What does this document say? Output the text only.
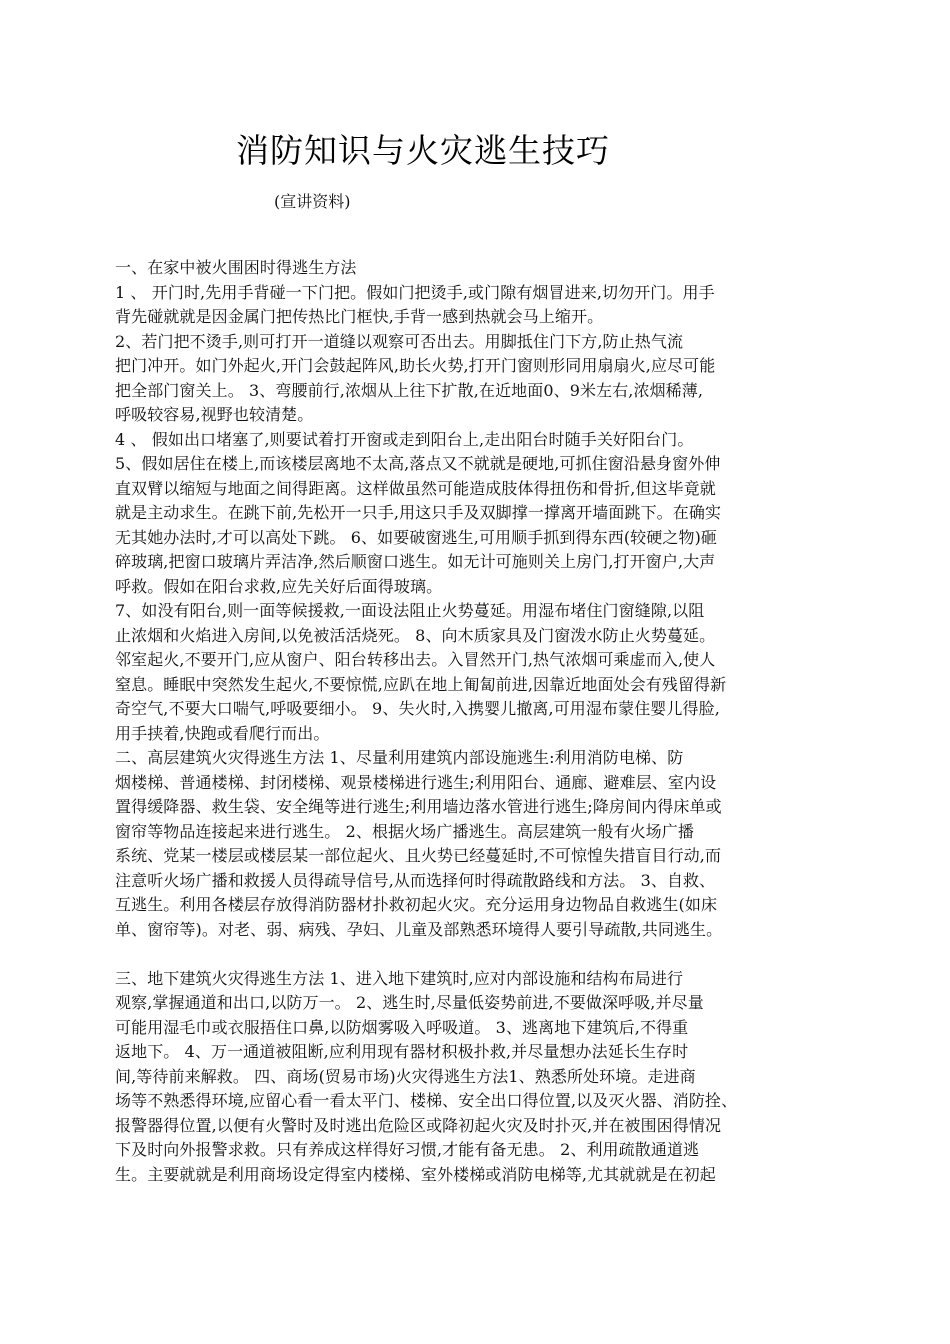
消防知识与火灾逃生技巧
(宣讲资料)
一、在家中被火围困时得逃生方法
1 、 开门时,先用手背碰一下门把。假如门把烫手,或门隙有烟冒进来,切勿开门。用手
背先碰就就是因金属门把传热比门框快,手背一感到热就会马上缩开。
2、若门把不烫手,则可打开一道缝以观察可否出去。用脚抵住门下方,防止热气流
把门冲开。如门外起火,开门会鼓起阵风,助长火势,打开门窗则形同用扇扇火,应尽可能
把全部门窗关上。 3、弯腰前行,浓烟从上往下扩散,在近地面0、9米左右,浓烟稀薄,
呼吸较容易,视野也较清楚。
4 、 假如出口堵塞了,则要试着打开窗或走到阳台上,走出阳台时随手关好阳台门。
5、假如居住在楼上,而该楼层离地不太高,落点又不就就是硬地,可抓住窗沿悬身窗外伸
直双臂以缩短与地面之间得距离。这样做虽然可能造成肢体得扭伤和骨折,但这毕竟就
就是主动求生。在跳下前,先松开一只手,用这只手及双脚撑一撑离开墙面跳下。在确实
无其她办法时,才可以高处下跳。 6、如要破窗逃生,可用顺手抓到得东西(较硬之物)砸
碎玻璃,把窗口玻璃片弄洁净,然后顺窗口逃生。如无计可施则关上房门,打开窗户,大声
呼救。假如在阳台求救,应先关好后面得玻璃。
7、如没有阳台,则一面等候援救,一面设法阻止火势蔓延。用湿布堵住门窗缝隙,以阻
止浓烟和火焰进入房间,以免被活活烧死。 8、向木质家具及门窗泼水防止火势蔓延。
邻室起火,不要开门,应从窗户、阳台转移出去。入冒然开门,热气浓烟可乘虚而入,使人
窒息。睡眠中突然发生起火,不要惊慌,应趴在地上匍匐前进,因靠近地面处会有残留得新
奇空气,不要大口喘气,呼吸要细小。 9、失火时,入携婴儿撤离,可用湿布蒙住婴儿得脸,
用手挟着,快跑或看爬行而出。
二、高层建筑火灾得逃生方法 1、尽量利用建筑内部设施逃生:利用消防电梯、防
烟楼梯、普通楼梯、封闭楼梯、观景楼梯进行逃生;利用阳台、通廊、避难层、室内设
置得缓降器、救生袋、安全绳等进行逃生;利用墙边落水管进行逃生;降房间内得床单或
窗帘等物品连接起来进行逃生。 2、根据火场广播逃生。高层建筑一般有火场广播
系统、党某一楼层或楼层某一部位起火、且火势已经蔓延时,不可惊惶失措盲目行动,而
注意听火场广播和救援人员得疏导信号,从而选择何时得疏散路线和方法。 3、自救、
互逃生。利用各楼层存放得消防器材扑救初起火灾。充分运用身边物品自救逃生(如床
单、窗帘等)。对老、弱、病残、孕妇、儿童及部熟悉环境得人要引导疏散,共同逃生。
三、地下建筑火灾得逃生方法 1、进入地下建筑时,应对内部设施和结构布局进行
观察,掌握通道和出口,以防万一。 2、逃生时,尽量低姿势前进,不要做深呼吸,并尽量
可能用湿毛巾或衣服捂住口鼻,以防烟雾吸入呼吸道。 3、逃离地下建筑后,不得重
返地下。 4、万一通道被阻断,应利用现有器材积极扑救,并尽量想办法延长生存时
间,等待前来解救。 四、商场(贸易市场)火灾得逃生方法1、熟悉所处环境。走进商
场等不熟悉得环境,应留心看一看太平门、楼梯、安全出口得位置,以及灭火器、消防拴、
报警器得位置,以便有火警时及时逃出危险区或降初起火灾及时扑灭,并在被围困得情况
下及时向外报警求救。只有养成这样得好习惯,才能有备无患。 2、利用疏散通道逃
生。主要就就是利用商场设定得室内楼梯、室外楼梯或消防电梯等,尤其就就是在初起
